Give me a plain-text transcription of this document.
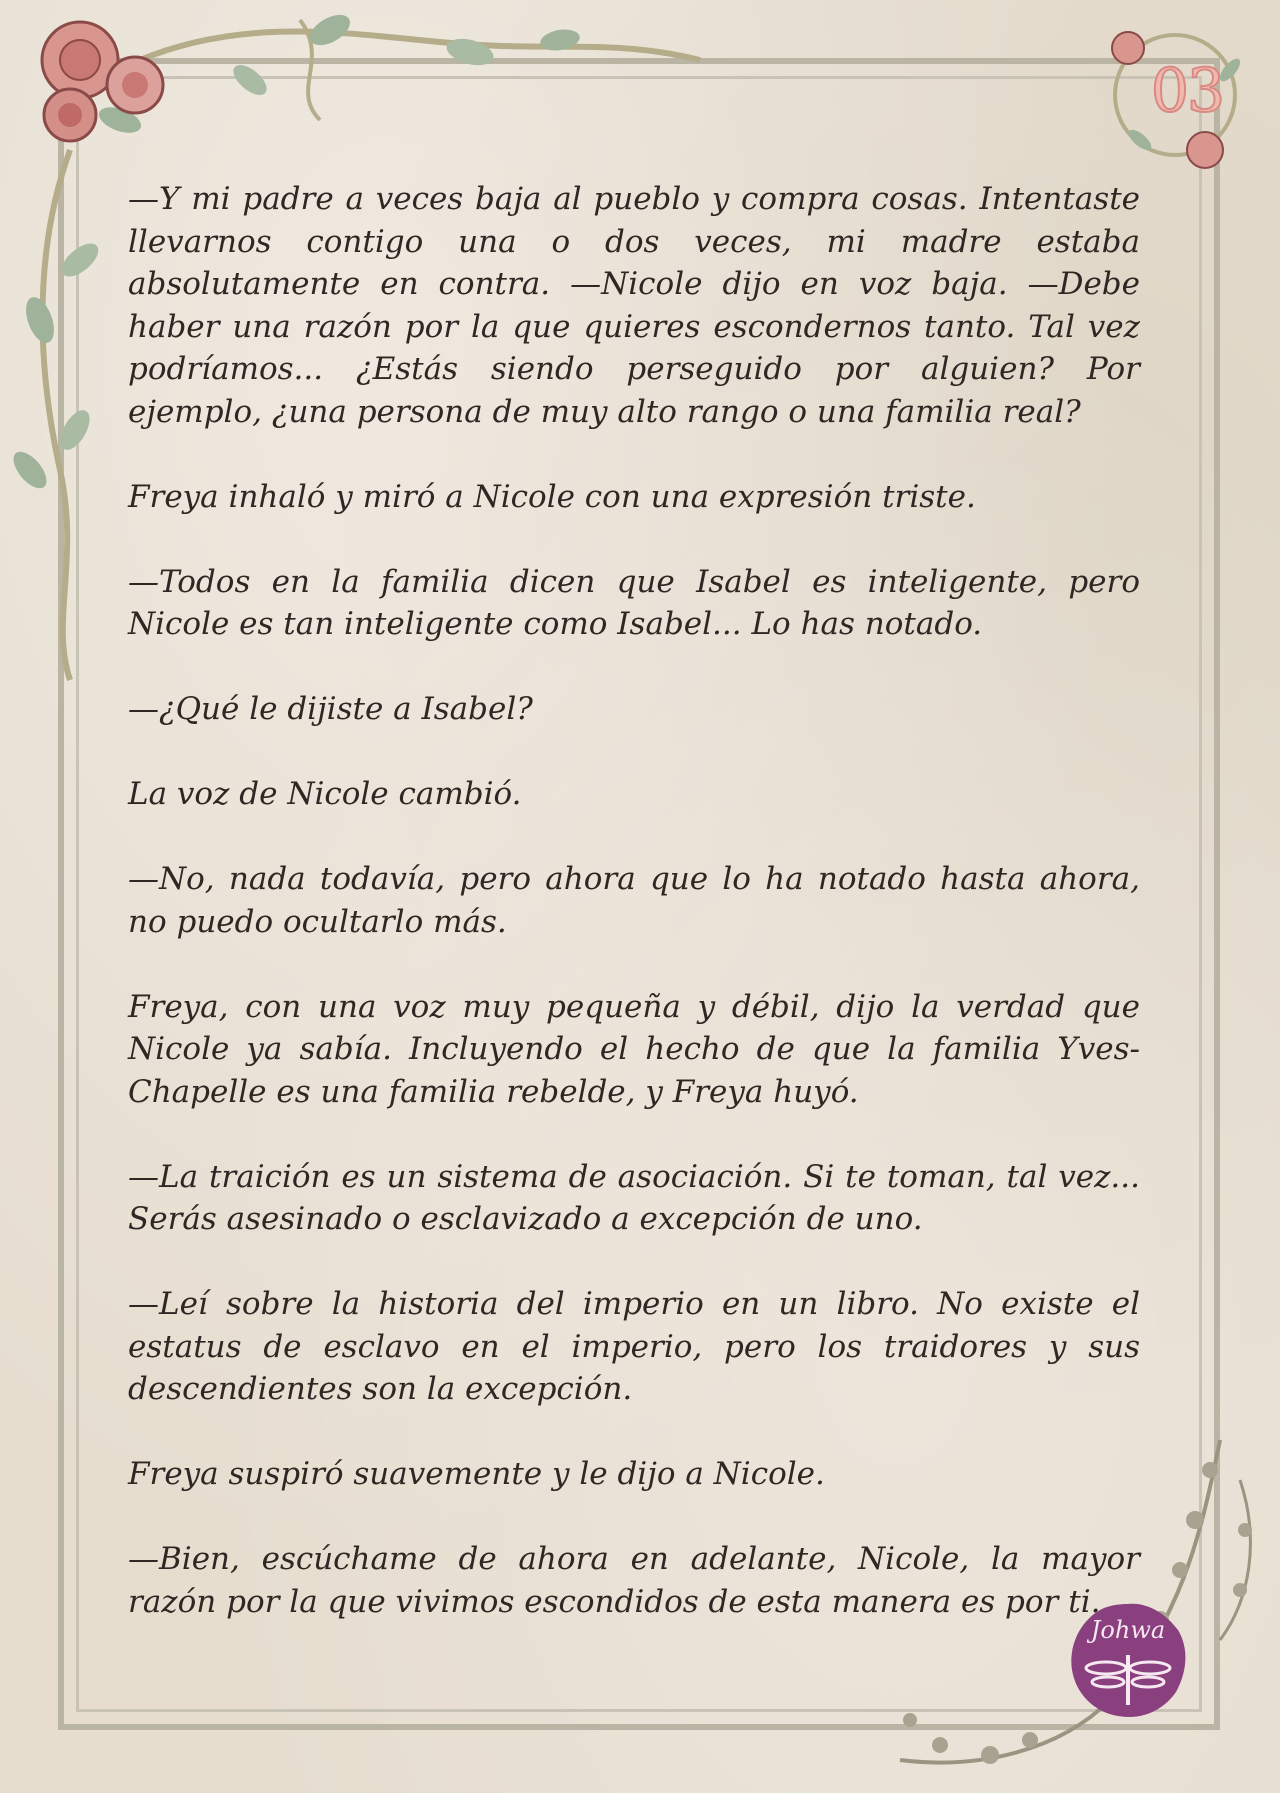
03
Johwa

—Y mi padre a veces baja al pueblo y compra cosas. Intentaste llevarnos contigo una o dos veces, mi madre estaba absolutamente en contra. —Nicole dijo en voz baja. —Debe haber una razón por la que quieres escondernos tanto. Tal vez podríamos... ¿Estás siendo perseguido por alguien? Por ejemplo, ¿una persona de muy alto rango o una familia real?

Freya inhaló y miró a Nicole con una expresión triste.

—Todos en la familia dicen que Isabel es inteligente, pero Nicole es tan inteligente como Isabel... Lo has notado.

—¿Qué le dijiste a Isabel?

La voz de Nicole cambió.

—No, nada todavía, pero ahora que lo ha notado hasta ahora, no puedo ocultarlo más.

Freya, con una voz muy pequeña y débil, dijo la verdad que Nicole ya sabía. Incluyendo el hecho de que la familia Yves-Chapelle es una familia rebelde, y Freya huyó.

—La traición es un sistema de asociación. Si te toman, tal vez... Serás asesinado o esclavizado a excepción de uno.

—Leí sobre la historia del imperio en un libro. No existe el estatus de esclavo en el imperio, pero los traidores y sus descendientes son la excepción.

Freya suspiró suavemente y le dijo a Nicole.

—Bien, escúchame de ahora en adelante, Nicole, la mayor razón por la que vivimos escondidos de esta manera es por ti.
